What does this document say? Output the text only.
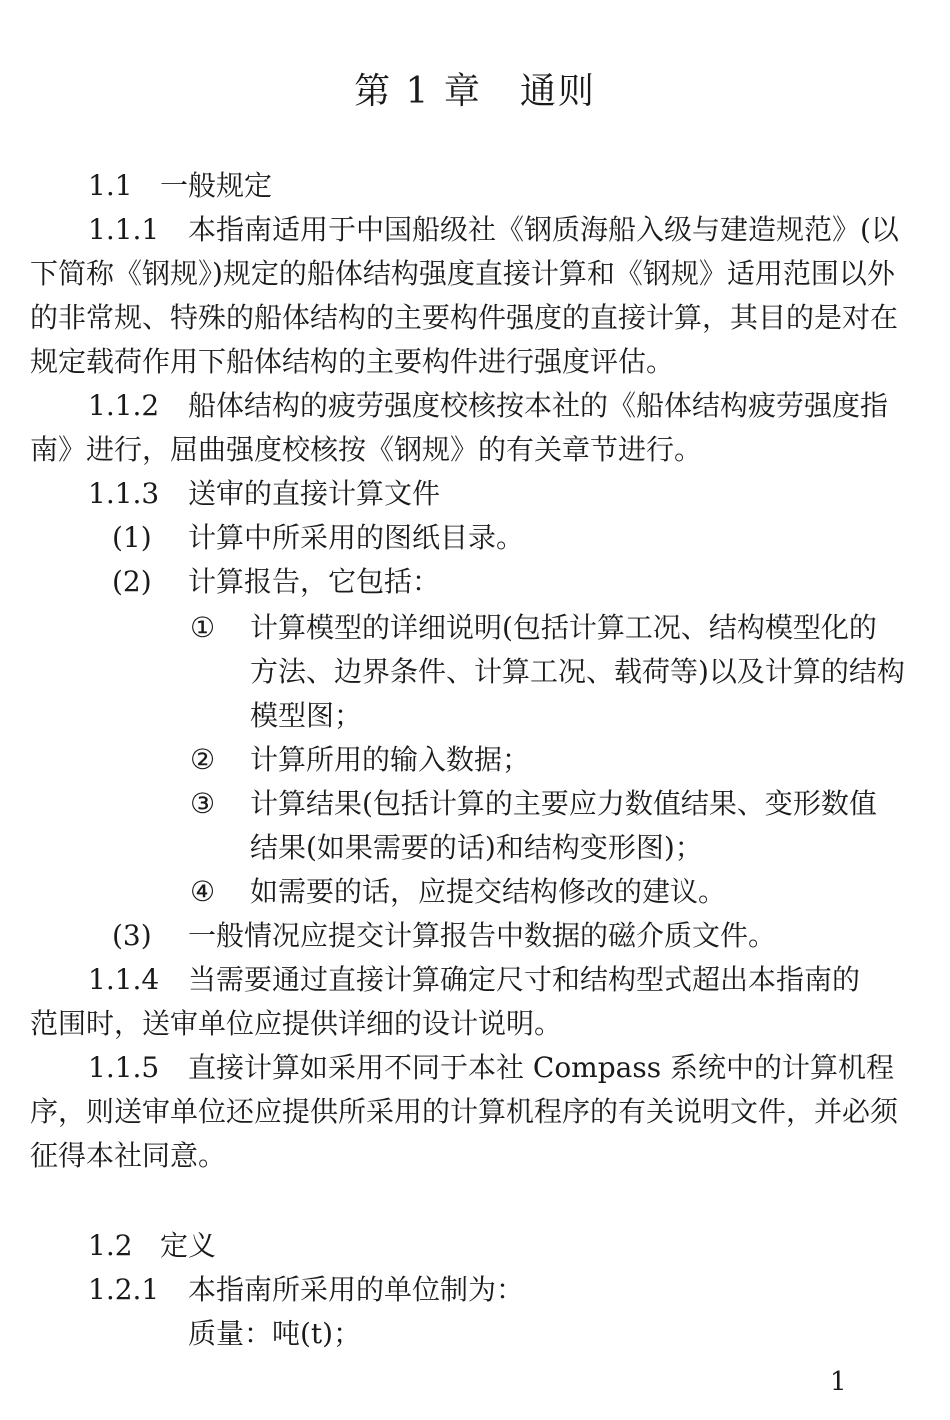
第 1 章　通则
1.1 一般规定
1.1.1 本指南适用于中国船级社《钢质海船入级与建造规范》(以
下简称《钢规》)规定的船体结构强度直接计算和《钢规》适用范围以外
的非常规、特殊的船体结构的主要构件强度的直接计算，其目的是对在
规定载荷作用下船体结构的主要构件进行强度评估。
1.1.2 船体结构的疲劳强度校核按本社的《船体结构疲劳强度指
南》进行，屈曲强度校核按《钢规》的有关章节进行。
1.1.3 送审的直接计算文件
(1) 计算中所采用的图纸目录。
(2) 计算报告，它包括：
① 计算模型的详细说明(包括计算工况、结构模型化的
方法、边界条件、计算工况、载荷等)以及计算的结构
模型图；
② 计算所用的输入数据；
③ 计算结果(包括计算的主要应力数值结果、变形数值
结果(如果需要的话)和结构变形图)；
④ 如需要的话，应提交结构修改的建议。
(3) 一般情况应提交计算报告中数据的磁介质文件。
1.1.4 当需要通过直接计算确定尺寸和结构型式超出本指南的
范围时，送审单位应提供详细的设计说明。
1.1.5 直接计算如采用不同于本社 Compass 系统中的计算机程
序，则送审单位还应提供所采用的计算机程序的有关说明文件，并必须
征得本社同意。
1.2 定义
1.2.1 本指南所采用的单位制为：
质量：吨(t)；
1
